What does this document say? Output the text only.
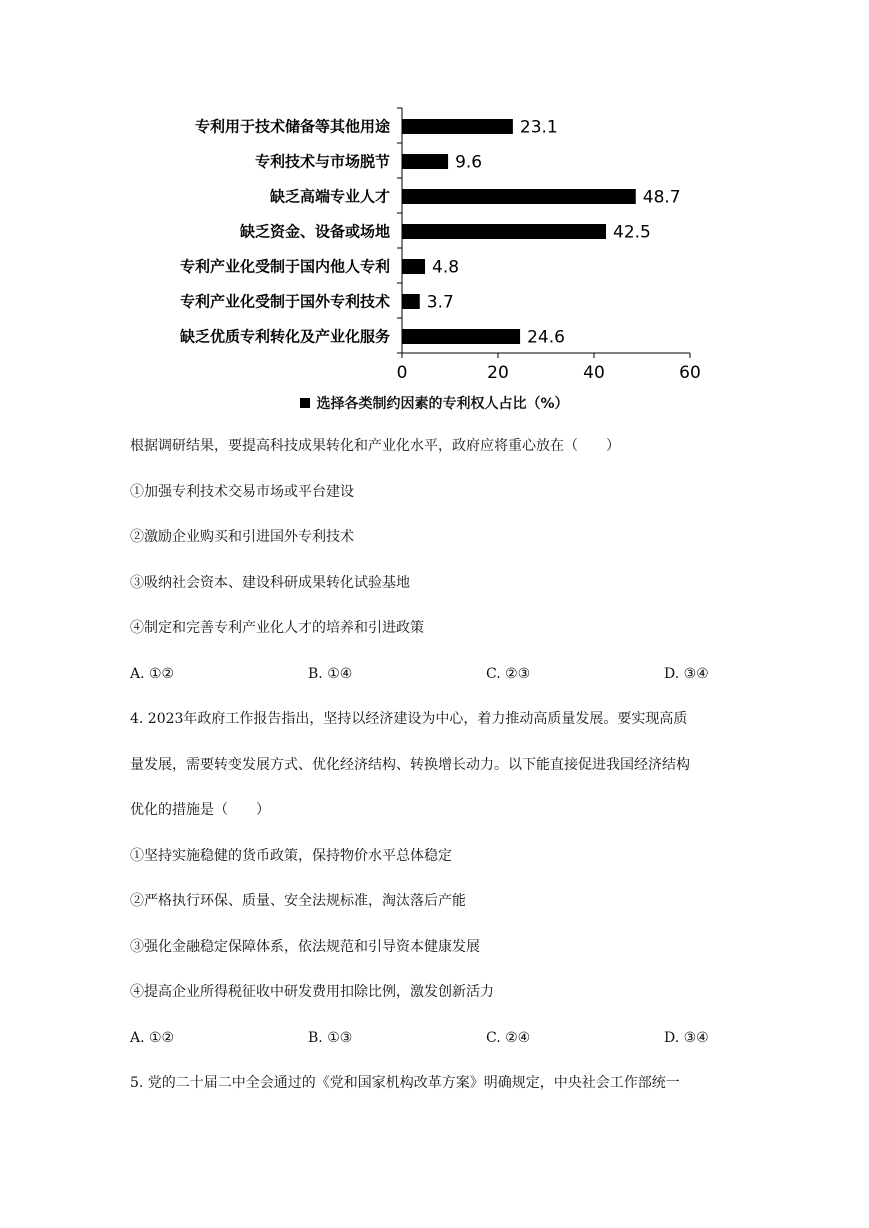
0	20	40	60
专利用于技术储备等其他用途	23.1
专利技术与市场脱节	9.6
缺乏高端专业人才	48.7
缺乏资金、设备或场地	42.5
专利产业化受制于国内他人专利 4.8
专利产业化受制于国外专利技术 3.7
缺乏优质专利转化及产业化服务	24.6
选择各类制约因素的专利权人占比（%）
根据调研结果，要提高科技成果转化和产业化水平，政府应将重心放在（　　）
①加强专利技术交易市场或平台建设
②激励企业购买和引进国外专利技术
③吸纳社会资本、建设科研成果转化试验基地
④制定和完善专利产业化人才的培养和引进政策
A. ①②	B. ①④	C. ②③	D. ③④
4. 2023年政府工作报告指出，坚持以经济建设为中心，着力推动高质量发展。要实现高质
量发展，需要转变发展方式、优化经济结构、转换增长动力。以下能直接促进我国经济结构
优化的措施是（　　）
①坚持实施稳健的货币政策，保持物价水平总体稳定
②严格执行环保、质量、安全法规标准，淘汰落后产能
③强化金融稳定保障体系，依法规范和引导资本健康发展
④提高企业所得税征收中研发费用扣除比例，激发创新活力
A. ①②	B. ①③	C. ②④	D. ③④
5. 党的二十届二中全会通过的《党和国家机构改革方案》明确规定，中央社会工作部统一
